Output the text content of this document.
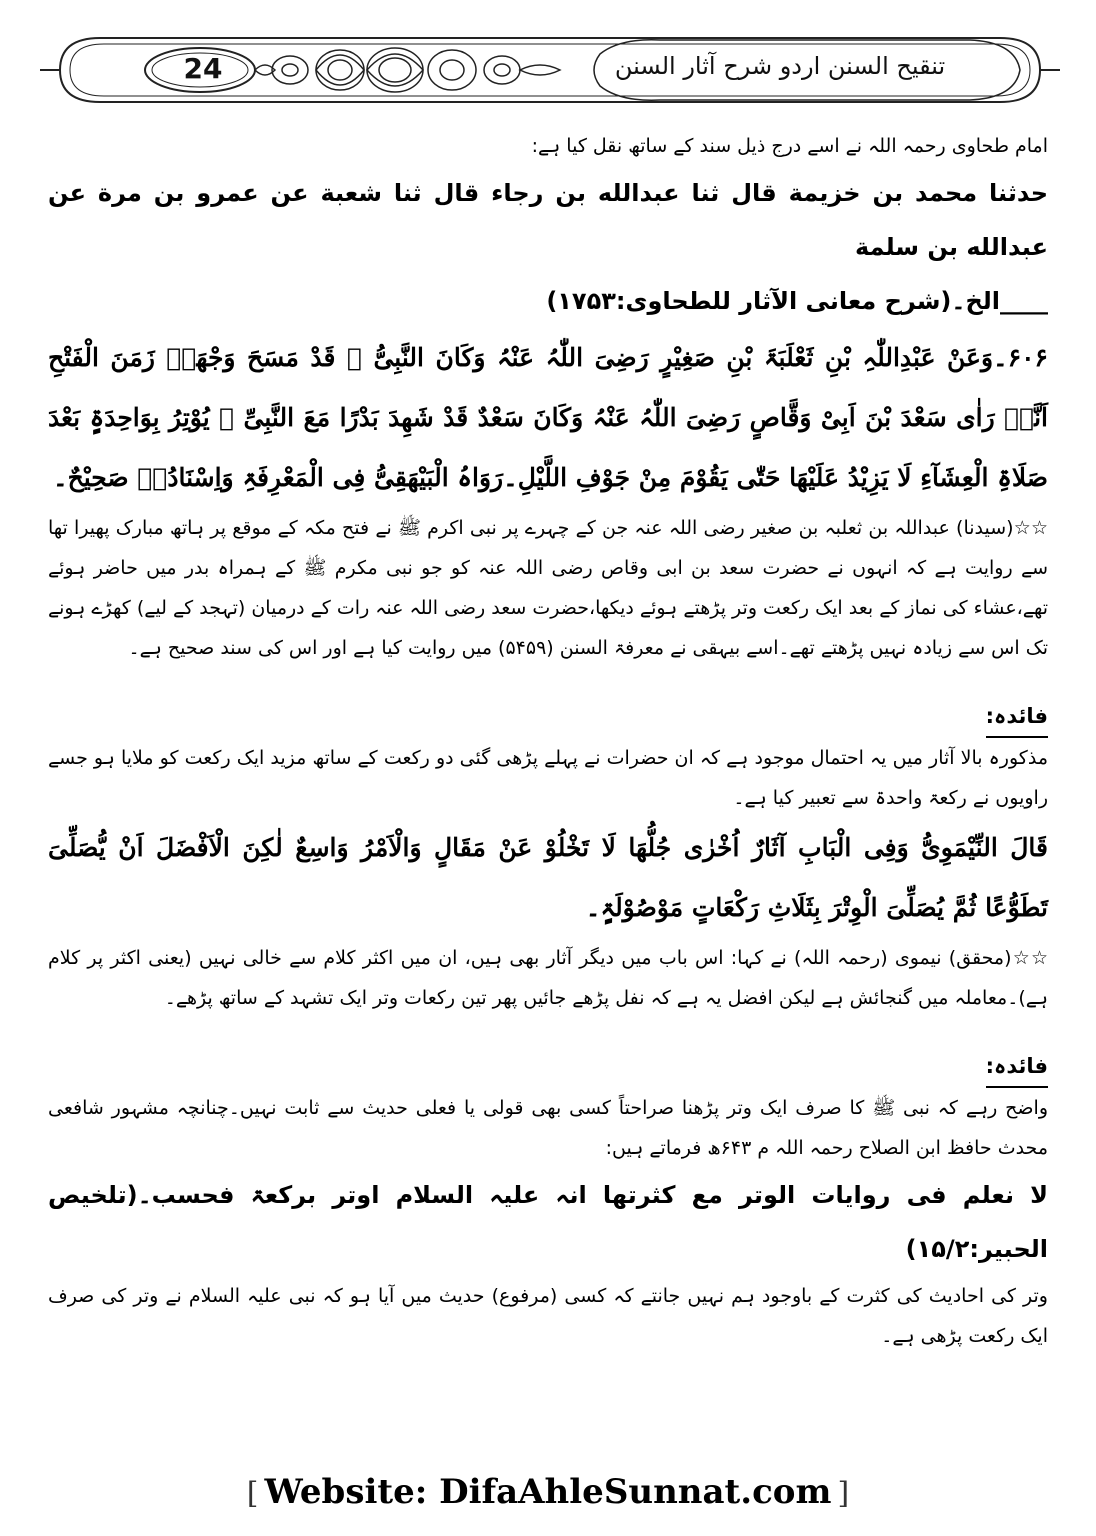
24	تنقیح السنن اردو شرح آثار السنن

امام طحاوی رحمہ اللہ نے اسے درج ذیل سند کے ساتھ نقل کیا ہے:

حدثنا محمد بن خزيمة قال ثنا عبدالله بن رجاء قال ثنا شعبة عن عمرو بن مرة عن عبدالله بن سلمة

____الخ۔(شرح معانی الآثار للطحاوی:۱۷۵۳)

۶۰۶۔وَعَنْ عَبْدِاللّٰہِ بْنِ ثَعْلَبَۃَ بْنِ صَغِیْرٍ رَضِیَ اللّٰہُ عَنْہُ وَکَانَ النَّبِیُّ ﷺ قَدْ مَسَحَ وَجْھَہٗ زَمَنَ الْفَتْحِ اَنَّہٗ رَاٰی سَعْدَ بْنَ اَبِیْ وَقَّاصٍ رَضِیَ اللّٰہُ عَنْہُ وَکَانَ سَعْدٌ قَدْ شَھِدَ بَدْرًا مَعَ النَّبِیِّ ﷺ یُوْتِرُ بِوَاحِدَۃٍ بَعْدَ صَلَاۃِ الْعِشَآءِ لَا یَزِیْدُ عَلَیْھَا حَتّٰی یَقُوْمَ مِنْ جَوْفِ اللَّیْلِ۔رَوَاہُ الْبَیْھَقِیُّ فِی الْمَعْرِفَۃِ وَاِسْنَادُہٗ صَحِیْحٌ۔

☆☆(سیدنا) عبداللہ بن ثعلبہ بن صغیر رضی اللہ عنہ جن کے چہرے پر نبی اکرم ﷺ نے فتح مکہ کے موقع پر ہاتھ مبارک پھیرا تھا سے روایت ہے کہ انہوں نے حضرت سعد بن ابی وقاص رضی اللہ عنہ کو جو نبی مکرم ﷺ کے ہمراہ بدر میں حاضر ہوئے تھے،عشاء کی نماز کے بعد ایک رکعت وتر پڑھتے ہوئے دیکھا،حضرت سعد رضی اللہ عنہ رات کے درمیان (تہجد کے لیے) کھڑے ہونے تک اس سے زیادہ نہیں پڑھتے تھے۔اسے بیہقی نے معرفۃ السنن (۵۴۵۹) میں روایت کیا ہے اور اس کی سند صحیح ہے۔

فائدہ:

مذکورہ بالا آثار میں یہ احتمال موجود ہے کہ ان حضرات نے پہلے پڑھی گئی دو رکعت کے ساتھ مزید ایک رکعت کو ملایا ہو جسے راویوں نے رکعۃ واحدۃ سے تعبیر کیا ہے۔

قَالَ النِّیْمَوِیُّ وَفِی الْبَابِ آثَارٌ اُخْرٰی جُلُّھَا لَا تَخْلُوْ عَنْ مَقَالٍ وَالْاَمْرُ وَاسِعٌ لٰکِنَ الْاَفْضَلَ اَنْ یُّصَلِّیَ تَطَوُّعًا ثُمَّ یُصَلِّیَ الْوِتْرَ بِثَلَاثِ رَکْعَاتٍ مَوْصُوْلَۃٍ۔

☆☆(محقق) نیموی (رحمہ اللہ) نے کہا: اس باب میں دیگر آثار بھی ہیں، ان میں اکثر کلام سے خالی نہیں (یعنی اکثر پر کلام ہے)۔معاملہ میں گنجائش ہے لیکن افضل یہ ہے کہ نفل پڑھے جائیں پھر تین رکعات وتر ایک تشہد کے ساتھ پڑھے۔

فائدہ:

واضح رہے کہ نبی ﷺ کا صرف ایک وتر پڑھنا صراحتاً کسی بھی قولی یا فعلی حدیث سے ثابت نہیں۔چنانچہ مشہور شافعی محدث حافظ ابن الصلاح رحمہ اللہ م ۶۴۳ھ فرماتے ہیں:

لا نعلم فی روایات الوتر مع کثرتھا انہ علیہ السلام اوتر برکعۃ فحسب۔(تلخیص الحبیر:۱۵/۲)

وتر کی احادیث کی کثرت کے باوجود ہم نہیں جانتے کہ کسی (مرفوع) حدیث میں آیا ہو کہ نبی علیہ السلام نے وتر کی صرف ایک رکعت پڑھی ہے۔

[ Website: DifaAhleSunnat.com ]
